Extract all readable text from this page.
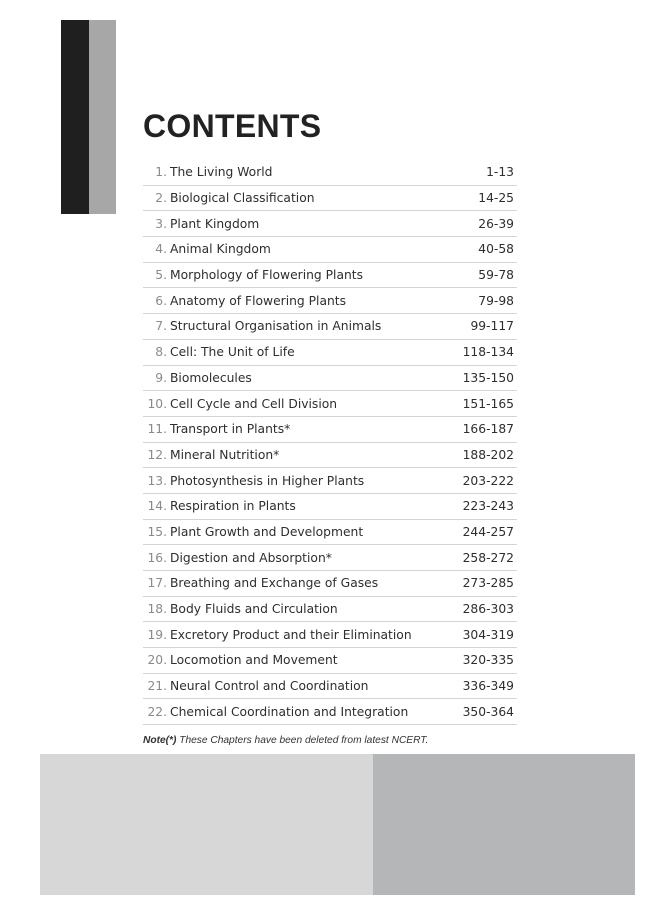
CONTENTS
1. The Living World	1-13
2. Biological Classification	14-25
3. Plant Kingdom	26-39
4. Animal Kingdom	40-58
5. Morphology of Flowering Plants	59-78
6. Anatomy of Flowering Plants	79-98
7. Structural Organisation in Animals	99-117
8. Cell: The Unit of Life	118-134
9. Biomolecules	135-150
10. Cell Cycle and Cell Division	151-165
11. Transport in Plants*	166-187
12. Mineral Nutrition*	188-202
13. Photosynthesis in Higher Plants	203-222
14. Respiration in Plants	223-243
15. Plant Growth and Development	244-257
16. Digestion and Absorption*	258-272
17. Breathing and Exchange of Gases	273-285
18. Body Fluids and Circulation	286-303
19. Excretory Product and their Elimination	304-319
20. Locomotion and Movement	320-335
21. Neural Control and Coordination	336-349
22. Chemical Coordination and Integration	350-364
Note(*) These Chapters have been deleted from latest NCERT.
